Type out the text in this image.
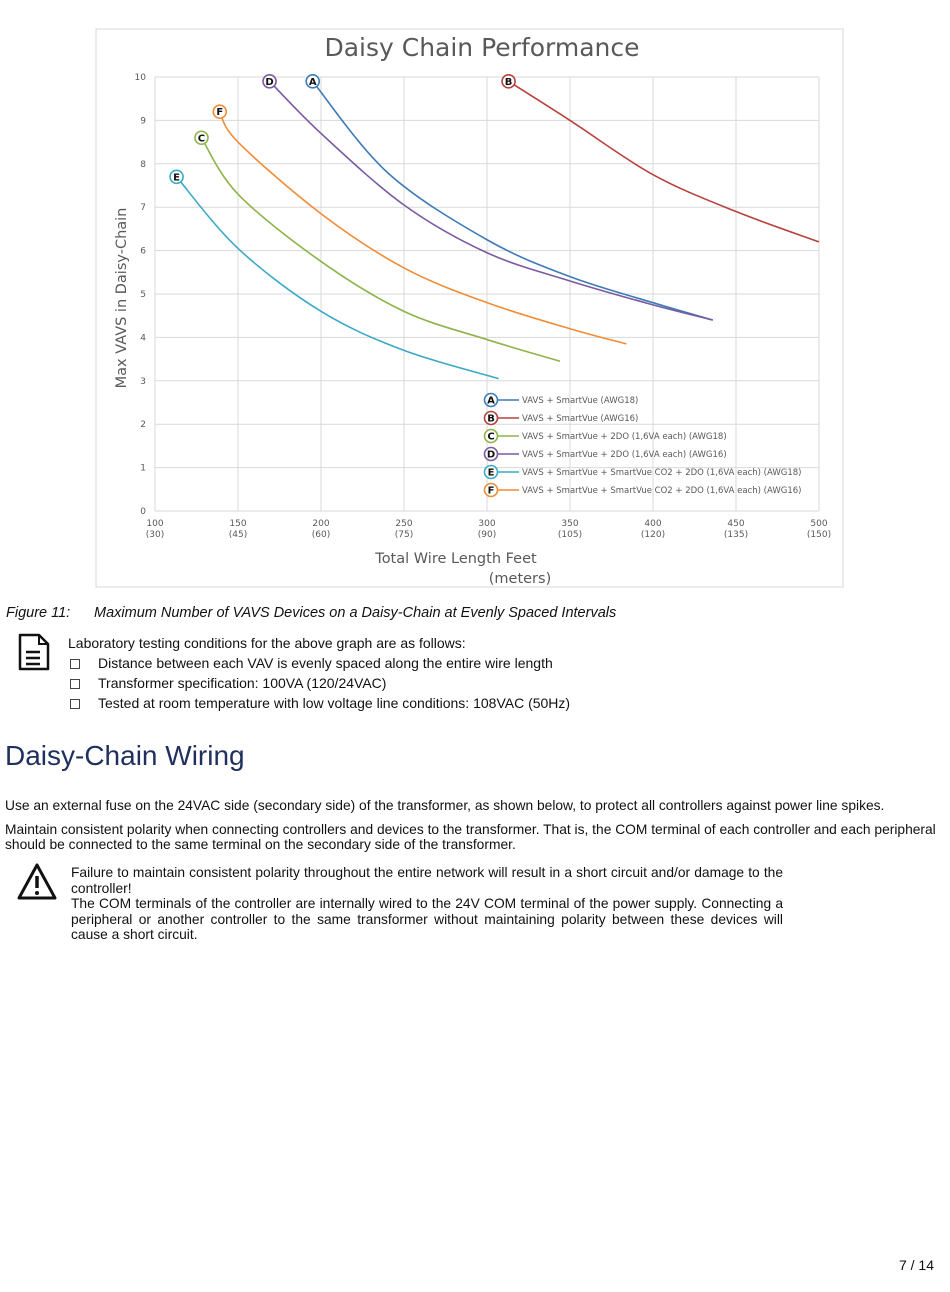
Daisy Chain Performance
0
1
2
3
4
5
6
7
8
9
10
100
(30)
150
(45)
200
(60)
250
(75)
300
(90)
350
(105)
400
(120)
450
(135)
500
(150)
Max VAVS in Daisy-Chain
Total Wire Length Feet
(meters)
A	B
C
D
E
F
A	VAVS + SmartVue (AWG18)
B	VAVS + SmartVue (AWG16)
C	VAVS + SmartVue + 2DO (1,6VA each) (AWG18)
D	VAVS + SmartVue + 2DO (1,6VA each) (AWG16)
E	VAVS + SmartVue + SmartVue CO2 + 2DO (1,6VA each) (AWG18)
F	VAVS + SmartVue + SmartVue CO2 + 2DO (1,6VA each) (AWG16)
Figure 11: Maximum Number of VAVS Devices on a Daisy-Chain at Evenly Spaced Intervals
Laboratory testing conditions for the above graph are as follows:
Distance between each VAV is evenly spaced along the entire wire length
Transformer specification: 100VA (120/24VAC)
Tested at room temperature with low voltage line conditions: 108VAC (50Hz)
Daisy-Chain Wiring

Use an external fuse on the 24VAC side (secondary side) of the transformer, as shown below, to protect all controllers against power line spikes.

Maintain consistent polarity when connecting controllers and devices to the transformer. That is, the COM terminal of each controller and each peripheral should be connected to the same terminal on the secondary side of the transformer.

Failure to maintain consistent polarity throughout the entire network will result in a short circuit and/or damage to the controller!

The COM terminals of the controller are internally wired to the 24V COM terminal of the power supply. Connecting a peripheral or another controller to the same transformer without maintaining polarity between these devices will cause a short circuit.

7 / 14
